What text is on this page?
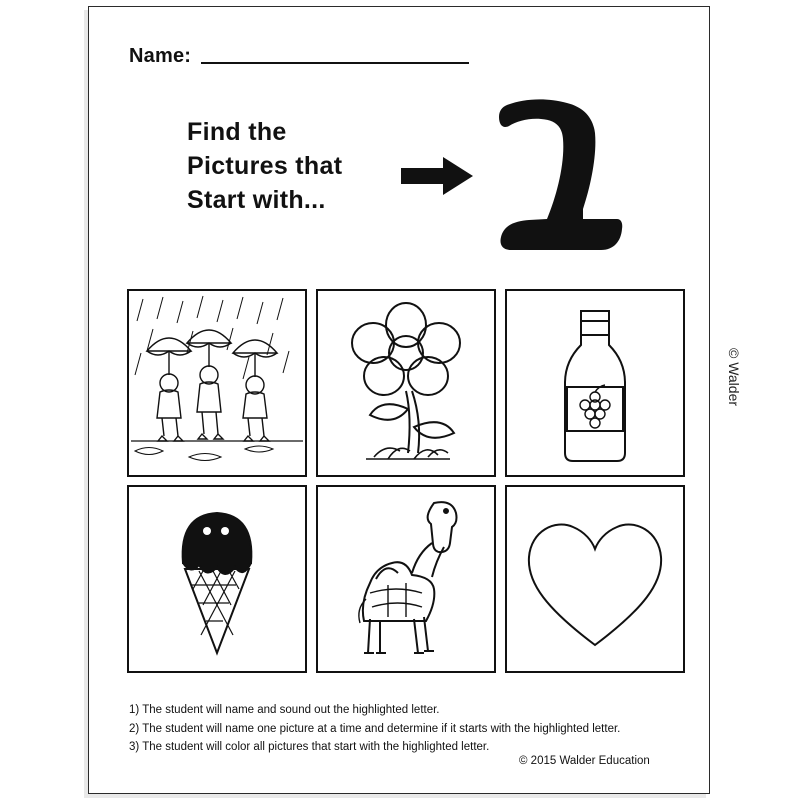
Name:
Find the
Pictures that
Start with...
1) The student will name and sound out the highlighted letter.
2) The student will name one picture at a time and determine if it starts with the highlighted letter.
3) The student will color all pictures that start with the highlighted letter.
© 2015 Walder Education
© Walder
